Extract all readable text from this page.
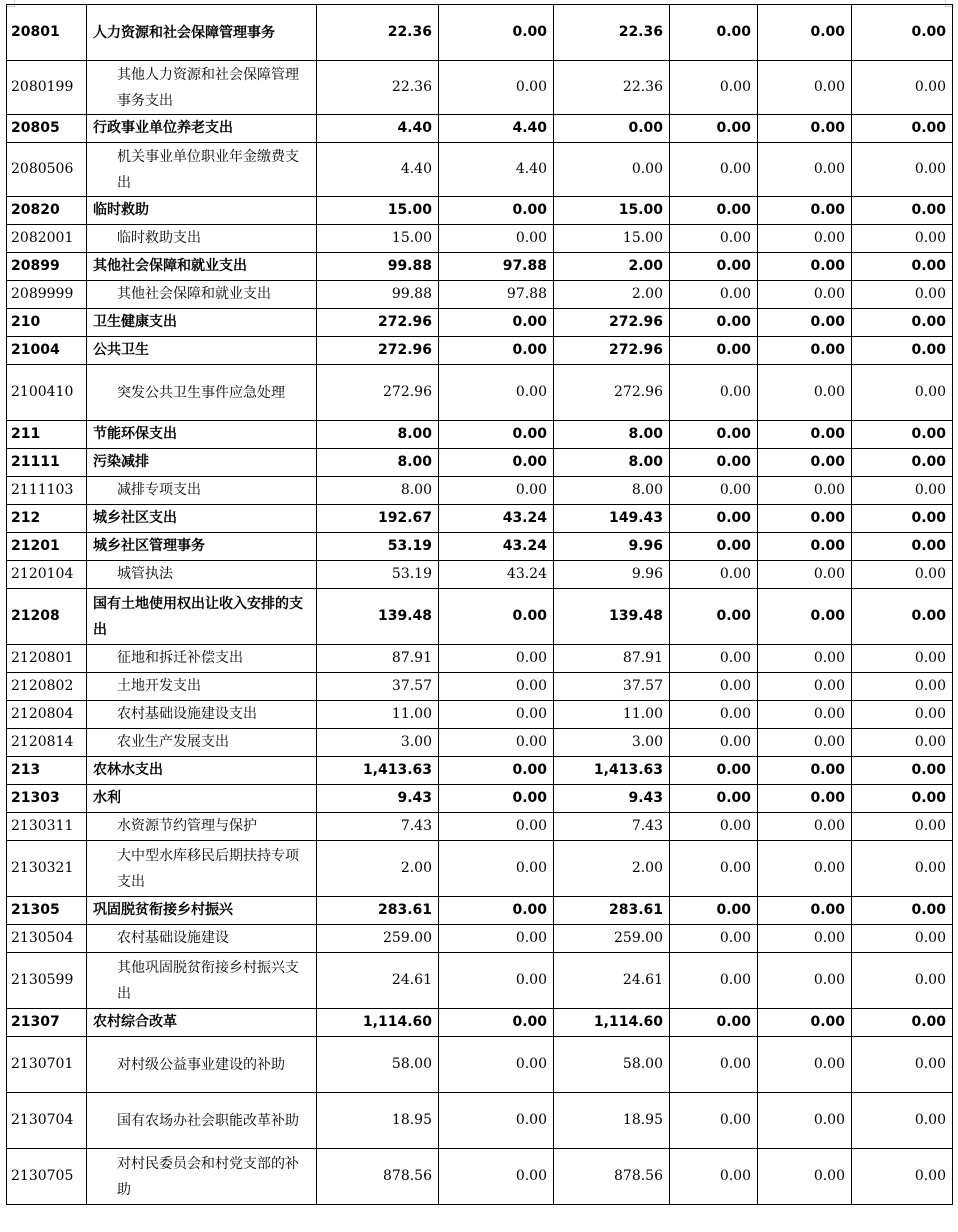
20801	人力资源和社会保障管理事务	22.36	0.00	22.36	0.00	0.00	0.00
2080199	其他人力资源和社会保障管理事务支出	22.36	0.00	22.36	0.00	0.00	0.00
20805	行政事业单位养老支出	4.40	4.40	0.00	0.00	0.00	0.00
2080506	机关事业单位职业年金缴费支出	4.40	4.40	0.00	0.00	0.00	0.00
20820	临时救助	15.00	0.00	15.00	0.00	0.00	0.00
2082001	临时救助支出	15.00	0.00	15.00	0.00	0.00	0.00
20899	其他社会保障和就业支出	99.88	97.88	2.00	0.00	0.00	0.00
2089999	其他社会保障和就业支出	99.88	97.88	2.00	0.00	0.00	0.00
210	卫生健康支出	272.96	0.00	272.96	0.00	0.00	0.00
21004	公共卫生	272.96	0.00	272.96	0.00	0.00	0.00
2100410	突发公共卫生事件应急处理	272.96	0.00	272.96	0.00	0.00	0.00
211	节能环保支出	8.00	0.00	8.00	0.00	0.00	0.00
21111	污染减排	8.00	0.00	8.00	0.00	0.00	0.00
2111103	减排专项支出	8.00	0.00	8.00	0.00	0.00	0.00
212	城乡社区支出	192.67	43.24	149.43	0.00	0.00	0.00
21201	城乡社区管理事务	53.19	43.24	9.96	0.00	0.00	0.00
2120104	城管执法	53.19	43.24	9.96	0.00	0.00	0.00
21208	国有土地使用权出让收入安排的支出	139.48	0.00	139.48	0.00	0.00	0.00
2120801	征地和拆迁补偿支出	87.91	0.00	87.91	0.00	0.00	0.00
2120802	土地开发支出	37.57	0.00	37.57	0.00	0.00	0.00
2120804	农村基础设施建设支出	11.00	0.00	11.00	0.00	0.00	0.00
2120814	农业生产发展支出	3.00	0.00	3.00	0.00	0.00	0.00
213	农林水支出	1,413.63	0.00	1,413.63	0.00	0.00	0.00
21303	水利	9.43	0.00	9.43	0.00	0.00	0.00
2130311	水资源节约管理与保护	7.43	0.00	7.43	0.00	0.00	0.00
2130321	大中型水库移民后期扶持专项支出	2.00	0.00	2.00	0.00	0.00	0.00
21305	巩固脱贫衔接乡村振兴	283.61	0.00	283.61	0.00	0.00	0.00
2130504	农村基础设施建设	259.00	0.00	259.00	0.00	0.00	0.00
2130599	其他巩固脱贫衔接乡村振兴支出	24.61	0.00	24.61	0.00	0.00	0.00
21307	农村综合改革	1,114.60	0.00	1,114.60	0.00	0.00	0.00
2130701	对村级公益事业建设的补助	58.00	0.00	58.00	0.00	0.00	0.00
2130704	国有农场办社会职能改革补助	18.95	0.00	18.95	0.00	0.00	0.00
2130705	对村民委员会和村党支部的补助	878.56	0.00	878.56	0.00	0.00	0.00
